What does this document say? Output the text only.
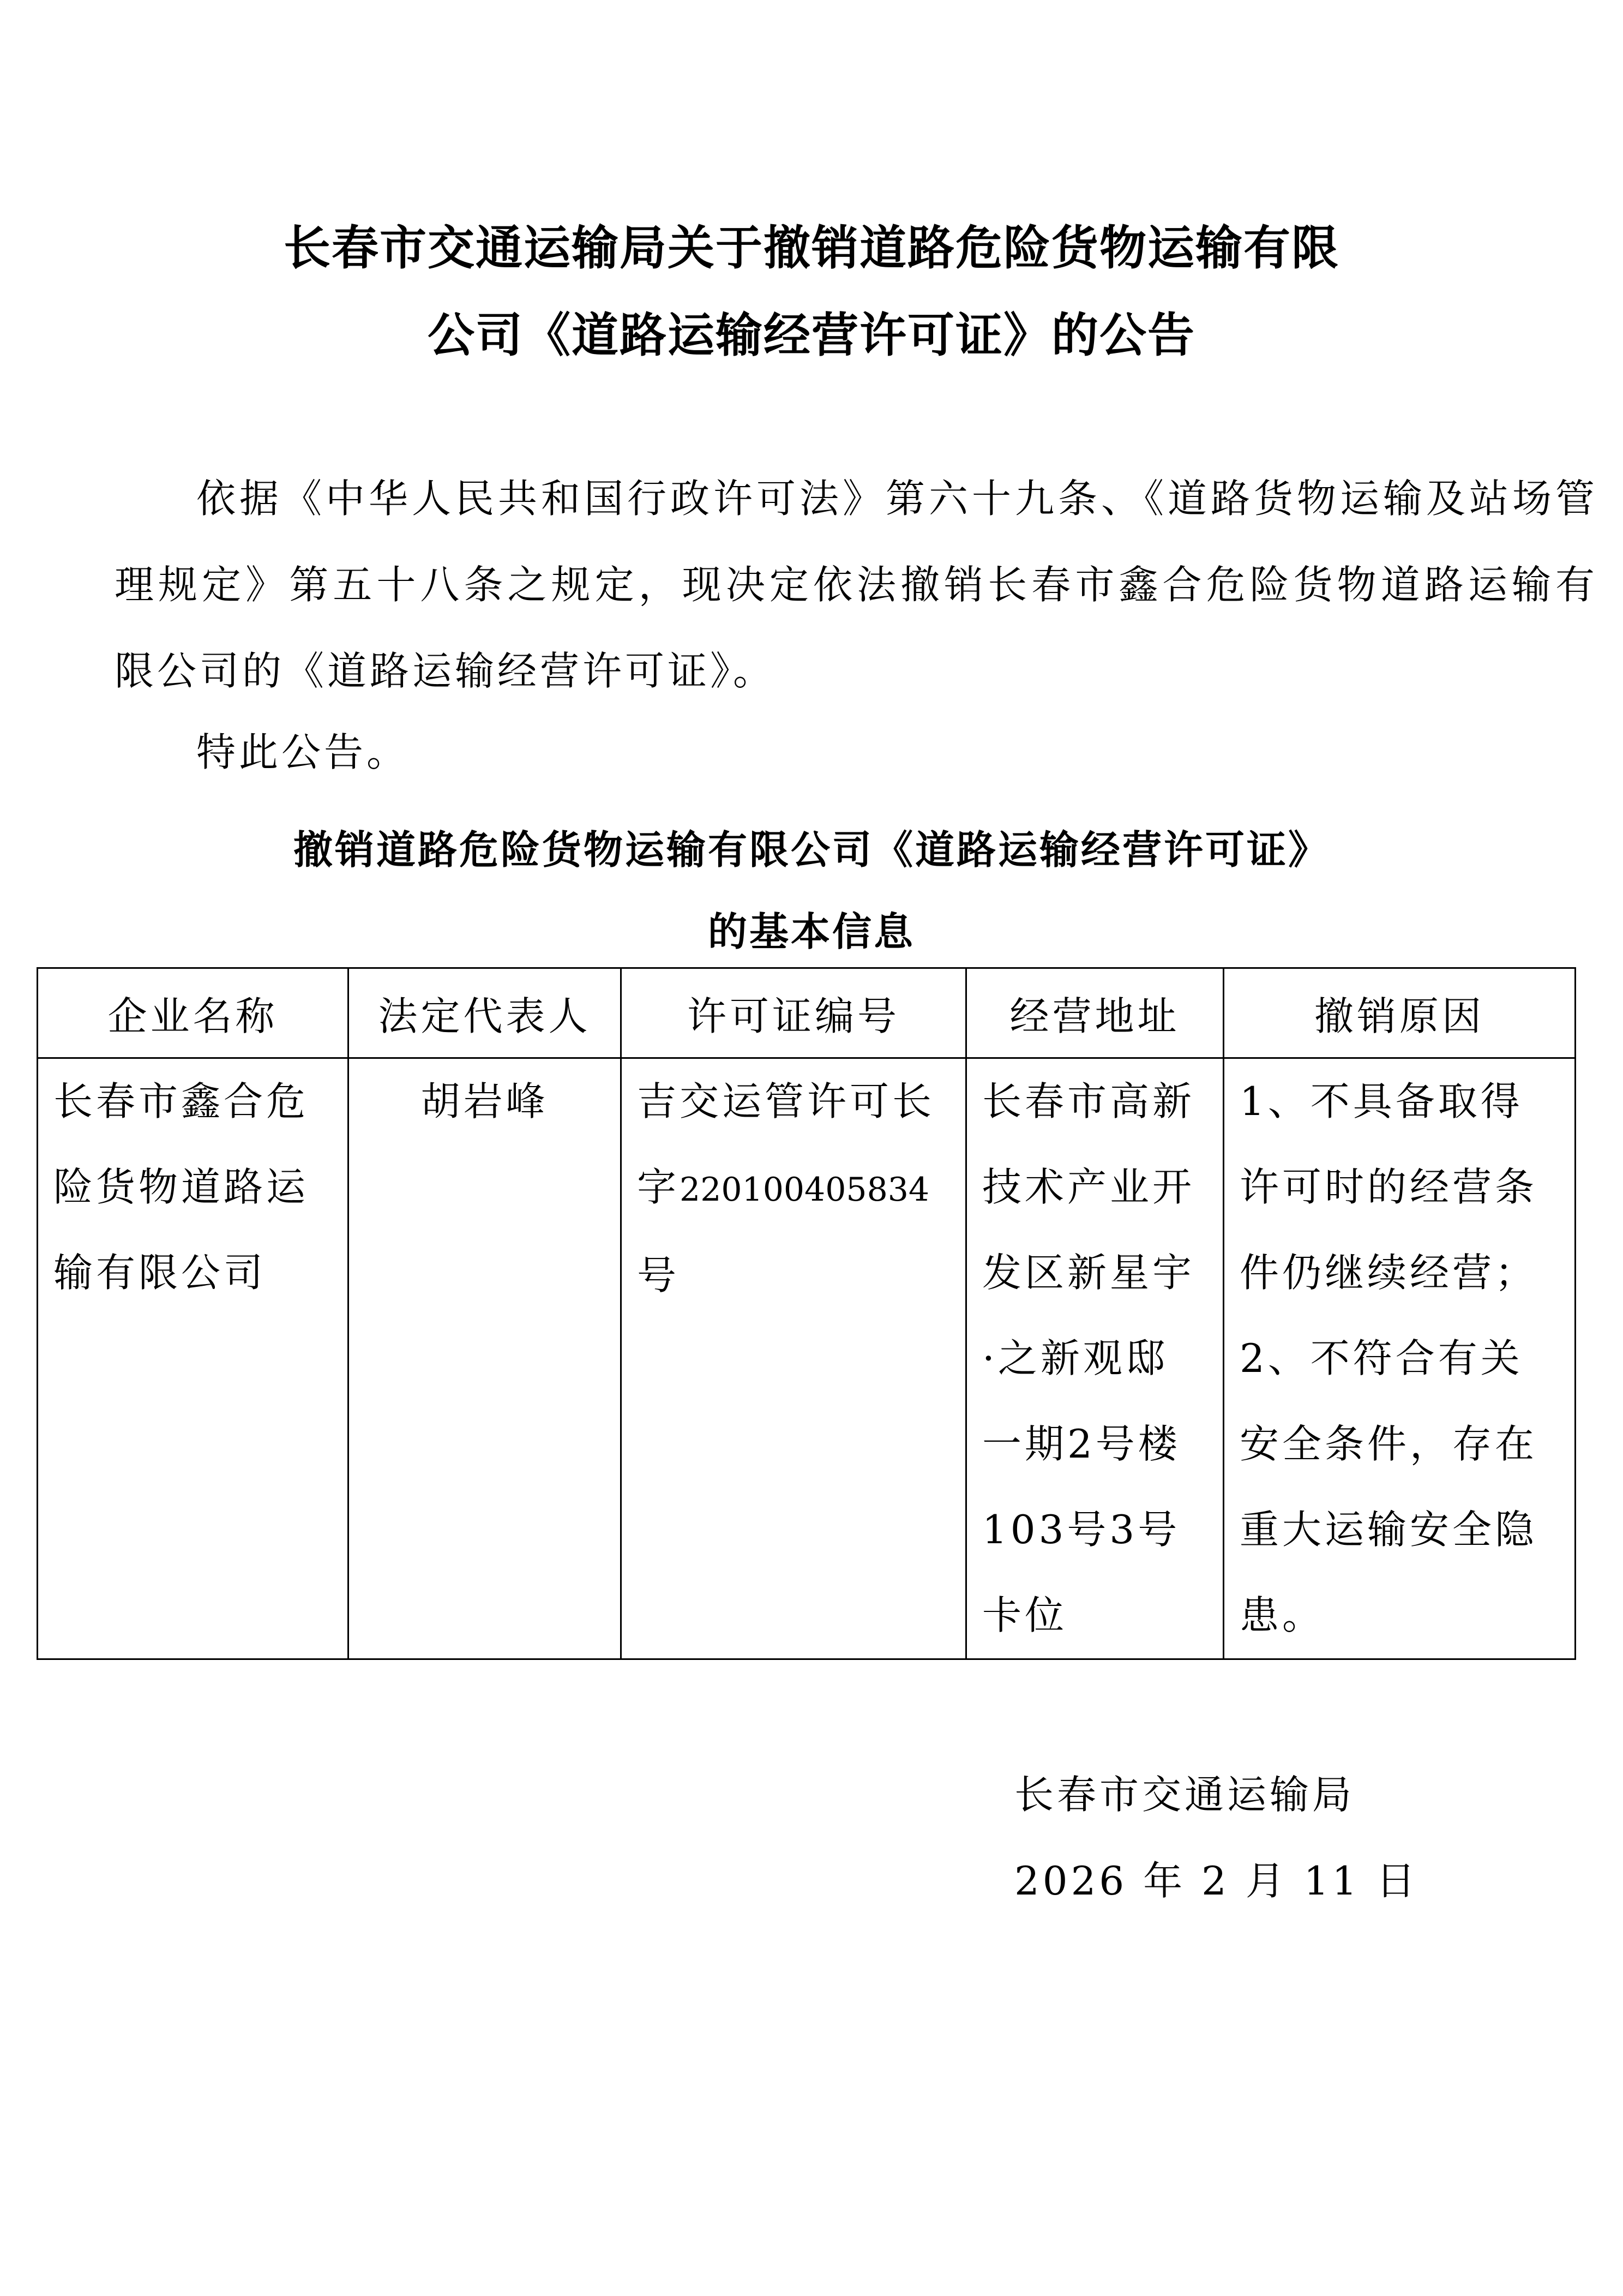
长春市交通运输局关于撤销道路危险货物运输有限
公司《道路运输经营许可证》的公告
依据《中华人民共和国行政许可法》第六十九条、《道路货物运输及站场管理规定》第五十八条之规定，现决定依法撤销长春市鑫合危险货物道路运输有限公司的《道路运输经营许可证》。
特此公告。
撤销道路危险货物运输有限公司《道路运输经营许可证》
的基本信息
企业名称	法定代表人	许可证编号	经营地址	撤销原因
长春市鑫合危险货物道路运输有限公司	胡岩峰	吉交运管许可长字220100405834号	长春市高新技术产业开发区新星宇·之新观邸一期2号楼103号3号卡位	1、不具备取得许可时的经营条件仍继续经营；2、不符合有关安全条件，存在重大运输安全隐患。
长春市交通运输局
2026 年 2 月 11 日
